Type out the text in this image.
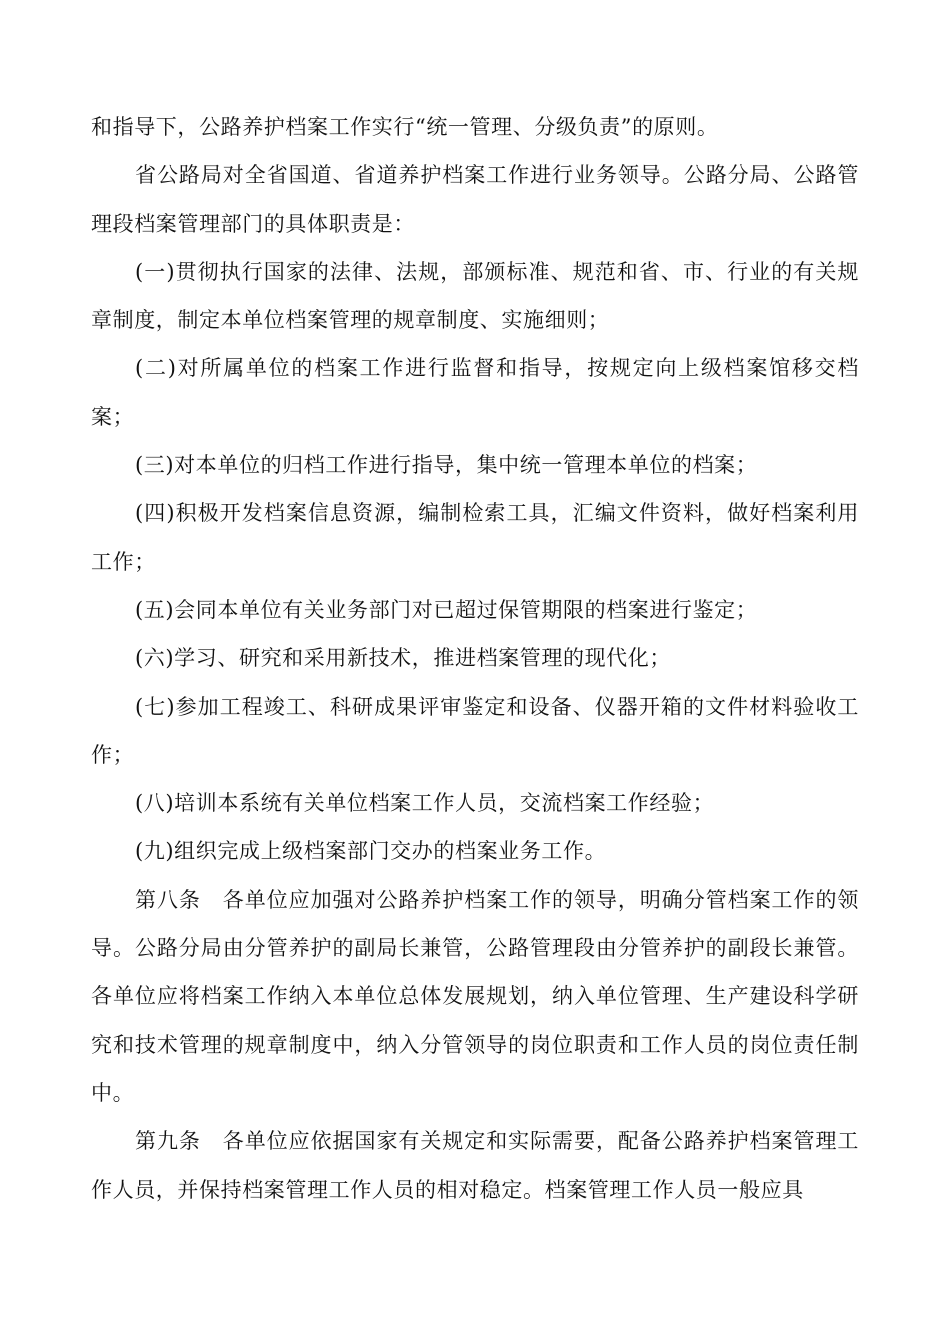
和指导下，公路养护档案工作实行“统一管理、分级负责”的原则。

省公路局对全省国道、省道养护档案工作进行业务领导。公路分局、公路管理段档案管理部门的具体职责是：

(一)贯彻执行国家的法律、法规，部颁标准、规范和省、市、行业的有关规章制度，制定本单位档案管理的规章制度、实施细则；

(二)对所属单位的档案工作进行监督和指导，按规定向上级档案馆移交档案；

(三)对本单位的归档工作进行指导，集中统一管理本单位的档案；

(四)积极开发档案信息资源，编制检索工具，汇编文件资料，做好档案利用工作；

(五)会同本单位有关业务部门对已超过保管期限的档案进行鉴定；

(六)学习、研究和采用新技术，推进档案管理的现代化；

(七)参加工程竣工、科研成果评审鉴定和设备、仪器开箱的文件材料验收工作；

(八)培训本系统有关单位档案工作人员，交流档案工作经验；

(九)组织完成上级档案部门交办的档案业务工作。

第八条　各单位应加强对公路养护档案工作的领导，明确分管档案工作的领导。公路分局由分管养护的副局长兼管，公路管理段由分管养护的副段长兼管。各单位应将档案工作纳入本单位总体发展规划，纳入单位管理、生产建设科学研究和技术管理的规章制度中，纳入分管领导的岗位职责和工作人员的岗位责任制中。

第九条　各单位应依据国家有关规定和实际需要，配备公路养护档案管理工作人员，并保持档案管理工作人员的相对稳定。档案管理工作人员一般应具
